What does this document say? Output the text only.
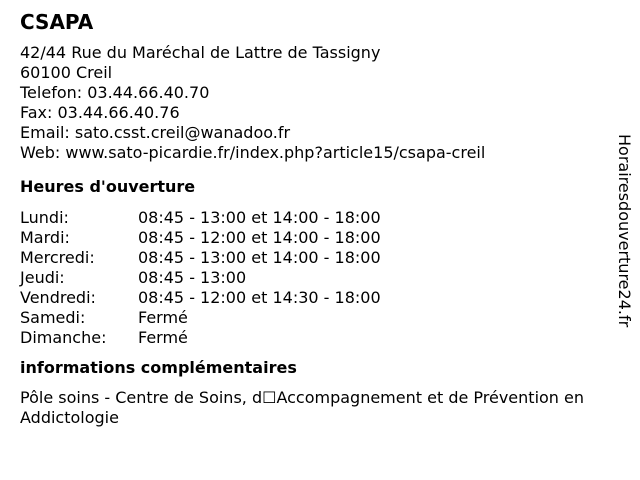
CSAPA
42/44 Rue du Maréchal de Lattre de Tassigny
60100 Creil
Telefon: 03.44.66.40.70
Fax: 03.44.66.40.76
Email: sato.csst.creil@wanadoo.fr
Web: www.sato-picardie.fr/index.php?article15/csapa-creil
Heures d'ouverture
Lundi:	08:45 - 13:00 et 14:00 - 18:00
Mardi:	08:45 - 12:00 et 14:00 - 18:00
Mercredi:	08:45 - 13:00 et 14:00 - 18:00
Jeudi:	08:45 - 13:00
Vendredi:	08:45 - 12:00 et 14:30 - 18:00
Samedi:	Fermé
Dimanche:	Fermé
informations complémentaires
Pôle soins - Centre de Soins, d☐Accompagnement et de Prévention en Addictologie
Horairesdouverture24.fr
